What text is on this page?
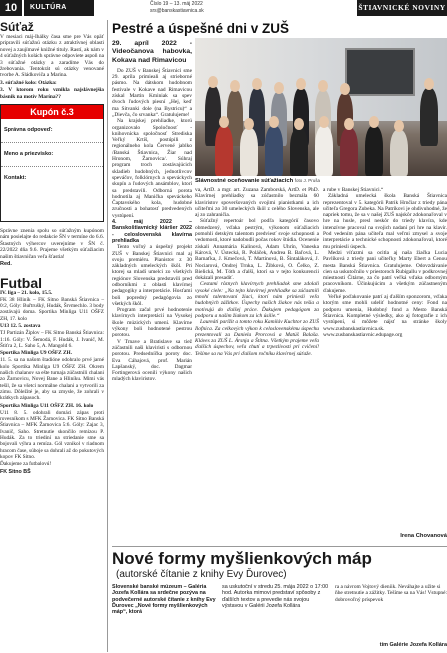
10	KULTÚRA	Číslo 19 – 13. máj 2022
srs@banskastiavnica.sk	ŠTIAVNICKÉ NOVINY
Súťaž

V mesiaci máj-Ihálky časa sme pre Vás opäť pripravili súťažnú otázku z atraktívnej oblasti novej a zaujímavé knižné tituly. Rastí, ak nám v 4 súťažných kolách správne odpoviete aspoň na 3 súťažné otázky a zaradíme Vás do žrebovania. Tentokrát sú otázky venované tvorbe A. Sládkoviča a Marina.

3. súťažné kolo: Otázka:

3. V ktorom roku vznikla najslávnejšia básnik na motív Marína??

Kupón č.3
Správna odpoveď:
Meno a priezvisko:
Kontakt:

Správne znenia spolu so súťažným kupónom nám posielajte do redakcie ŠN v termíne do 6.6. Štastných výhercov uverejníme v ŠN č. 22/2022 dňa 9.6. Prajeme všetkým súťažiacim našim štiavničan veľa šťastia!

Red.

Futbal

IV. liga – 21. kolo, 15.5.

FK 38 Hliník – FK Sitno Banská Štiavnica – 0:2, Góly: Buřtrušký, Hudák, Šrvmechlo. 3 body zostávajú doma. Sportika Minliga U11 OŠFZ ZH, 17. kolo

U13 12. 5. zostava

TJ Partizán Žiplov – FK Sitno Banská Štiavnica: 1:16. Góly: V. Šemodá, F. Hudák, J. Ivanič, M. Štiťra 2, L. Saho 5, A. Mangold 6.

Sportika Minliga U9 OŠFZ ZH.

11. 5. sa na našom štadióne odohralo prvé jarné kolo Sportika Minliga U9 OŠFZ ZH. Okrem našich chalanov sa ešte turnaja zúčastnili chalani zo Žarnovicu, Novej Bane a Hliníku. Mimi vás tešil, že sa všetci normálne chalani a vytvorili za zimu. Dôležité je, aby sa zmysle, že zohrali v krátkych zápasoch.

Sportika Minliga U11 OŠFZ ZH. 16. kolo

U11 8. 5. odohrali domáci zápas proti rovesníkom s MFK Žarnovica. FK Sitno Banská Štiavnica – MFK Žarnovica 5:6. Góly: Zajac 3, Ivanič, Saho. Stretnutie skončilo remizou P. Hudák. Za to triediní na striedanie sme sa bojovali výhra a remíza. Gól vznikol v riadnom hracom čase, súboje sa dohrali až do pokutových kopov FK Sitno.

Ďakujeme za futbalovú!

FK Sitno BŠ

Pestré a úspešné dni v ZUŠ
29. apríl 2022 - Videočanova habovka, Kokava nad Rimavicou

Do ZUŠ v Banskej Štiavnici sme 29. apríla primieali aj strieborné pásmo. Na dátskom hudobnom festivale v Kokave nad Rimavicou získal Martin Kminiak sa spev dvoch ľudových piesní „Hej, keď ma Sitvanki dole (na Bystricu)“ a „Dievča, čo srvanka“. Gratulujeme!

Na krajskej prehliadke, ktorú organizovalo Spoločnosť - knihovnícka spoločnosť Strediska Veľký Krtíš, postúpili z regionálneho kola Červené jablko /Banská Štiavnica, Žiar nad Hronom, Žarnovica/. Súhraj program troch zostávajúcich skladieb hudobných, jednotlivcov speváčov, folklórnych a speváckych skupín a ľudových ansámblov, ktorí sa predstavili. Odborná porota hodnotila aj Manička speváckeho Čaptavského kola, hudobné zručnosti a bohatosť predvedených vystúpení.

4. máj 2022 – Banskoštiavnický kláršer 2022 - celoslovenská klavírna prehliadka

Tento voľný a úspešný projekt ZUŠ v Banskej Štiavnici mal aj svoju premiéru. Pianistov z 30 základných umeleckých škôl. Pri ktorej sa mladí umelci zo všetkých regiónov Slovenska predstavili pred odborníkmi z oblasti klavírnej pedagogiky a interpretácie. Hosťami boli popredný pedagógovia zo všetkých škôl.

Program začal prvé hodnotenie klavírnych interpretácií na Vysokej škole múzických umení. Klavírne výkony boli hodnotené pestrou porotou.

V Trnave a Bratislave sa tiež zúčastnili naši klaviristi s odbornou porotou. Predsedníčka poroty doc. Eva Cáhajová, prof. Marián Lapšanský, doc. Dagmar Fortingerová ocenili výkony našich mladých klaviristov.

Slávnostné oceňovanie súťažiacich foto J. Pruša

va, ArtD. a mgr. art. Zuzana Zamborská, ArtD. et PhD. Klavírnej prehliadky sa zúčastnilo bezmála 60 klaviristov spoveršovaných svojimi pianistkami a ich učiteľmi zo 30 umeleckých škôl z celého Slovenska, ale aj zo zahraničia.

Súťažný repertoár bol podľa kategórií časovo obmedzený, vďaka pestrým, výkonom súťažiacich pomohli detským talentom predviesť svoje schopnosti a vedomosti, ktoré nadobudli počas rokov štúdia. Ocenenie získali Annamária Kalinová, Adam Uhrín, Vaneska Kárová, V. Ústecká, R. Poláček, Andrea B. Baľová, L. Barnaťka, J. Kmečová, T. Martinová, B. Šintaláková, J. Nociarová, Ondrej Trnka, L. Žibková, O. Čelko, Z. Bielická, M. Tóth a ďalší, ktorí sa v tejto konkurencii dokázali presadiť.

Cestami rôznych klavírnych prehliadok sme zdolali vysoké ciele: „Na tejto klavírnej prehliadke sa zúčastnili mnohí talentovaní žiaci, ktorí nám priniesli veľa hudobných zážitkov. Úspechy našich žiakov nás tešia a motivujú do ďalšej práce. Ďakujem pedagógom za podporu a našim žiakom za ich úsilie.“

Laureáti parížit a tomto roku Kamiláv Kuchtor zo ZUŠ Ilofnica. Za celkových výkon k celoslovenskému úspechu prezentovali za Daniela Prorcová a Matúš Balaša. Kláves za ZUŠ L. Ársnja a Štítna. Všetkým prajeme veľa ďalších úspechov, veľa chutí a trpezlivosti pri cvičení! Tešíme sa na Vás pri ďalšom ročníku klavírnej súťaže.

a rube v Banskej Štiavnici.“

Základná umelecká škola Banská Štiavnica reprezentoval v 5. kategórii Patrik Hrnčiar z triedy pána učiteľa Gregora Zubeka. Na Patrikovi je ohdivuhodné, že napriek tomu, že sa v našej ZUŠ najskôr zdokonaľoval v hre na husle, presl neskôr do triedy klavíra, kde intenzívne pracoval na svojich nadaní pri hre na klavír. Pod vedením pána učiteľa mal veľmi zmysel a svoje interpretácie a technické schopnosti zdokonaľoval, ktoré mu priniesli úspech.

Medzi víťazmi sa ocitla aj naša žiačka Lucia Pavlíková z triedy pani učiteľky Marty Ebert a Cenou mesta Banská Štiavnica. Gratulujeme. Odovzdávanie cien sa uskutočnilo v priestoroch Rubigallu v podkrovnej miestnosti Čitárne, za čo patrí veľká vďaka odborným pracovníkom. Účinkujúcim a všetkým zúčastneným ďakujeme.

Veľké poďakovanie patrí aj ďalším sponzorom, vďaka ktorým sme mohli udeliť hodnotné ceny: Fond na podporu umenia, Hudobný fond a Mesto Banská Štiavnica. Kompletné výsledky, ako aj fotografie z ich vystúpení, si môžete nájsť na stránke školy www.zusbanskastiavnica.sk.

www.zusbanskastiavnic.edupage.org

Irena Chovanová
Nové formy myšlienkových máp
(autorské čítanie z knihy Evy Ďurovec)
Slovenské banské múzeum – Galéria Jozefa Kollára sa srdečne pozýva na podvečerné autorské čítanie z knihy Evy Ďurovec „Nové formy myšlienkových máp“, ktorá
sa uskutoční v stredu 25. mája 2022 o 17:00 hod. Autorka mimovi predstaví spôsoby z ďalších textov a prevedie nás svojou výstavou v Galérii Jozefa Kollára
ra a návrom Vojtový dieniik. Neváhajte a užite si ňhe stretnutie a zážitky. Tešíme sa na Vás! Vstupné: dobrovoľný príspevok
tím Galérie Jozefa Kollára
